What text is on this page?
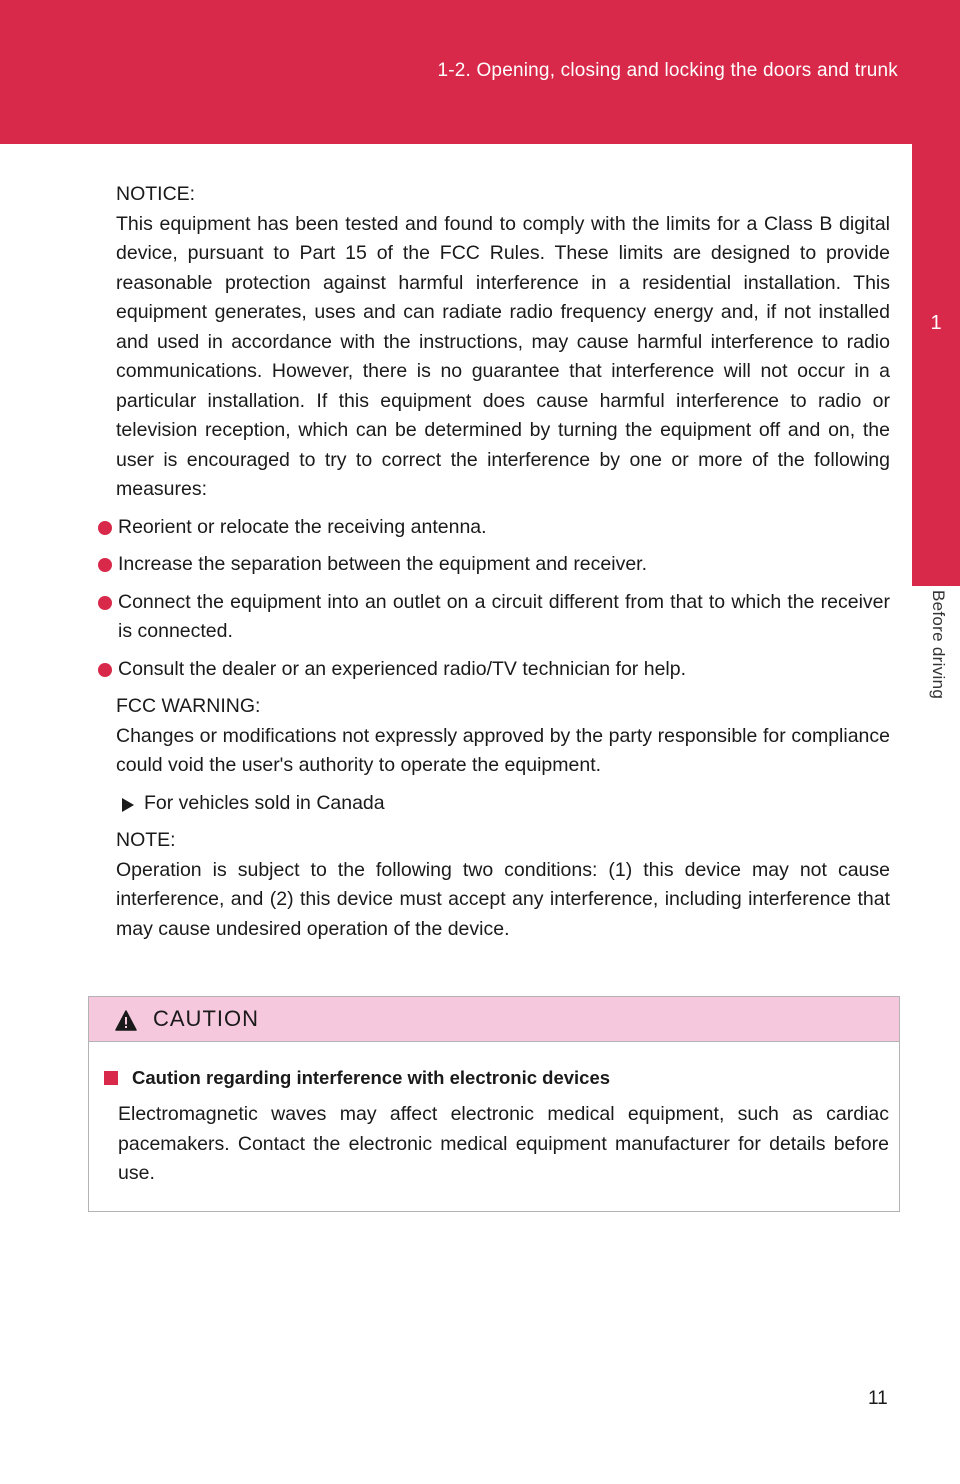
1-2. Opening, closing and locking the doors and trunk
1
Before driving
NOTICE:
This equipment has been tested and found to comply with the limits for a Class B digital device, pursuant to Part 15 of the FCC Rules. These limits are designed to provide reasonable protection against harmful interference in a residential installation. This equipment generates, uses and can radiate radio frequency energy and, if not installed and used in accordance with the instructions, may cause harmful interference to radio communications. However, there is no guarantee that interference will not occur in a particular installation. If this equipment does cause harmful interference to radio or television reception, which can be determined by turning the equipment off and on, the user is encouraged to try to correct the interference by one or more of the following measures:
Reorient or relocate the receiving antenna.
Increase the separation between the equipment and receiver.
Connect the equipment into an outlet on a circuit different from that to which the receiver is connected.
Consult the dealer or an experienced radio/TV technician for help.
FCC WARNING:
Changes or modifications not expressly approved by the party responsible for compliance could void the user's authority to operate the equipment.
For vehicles sold in Canada
NOTE:
Operation is subject to the following two conditions: (1) this device may not cause interference, and (2) this device must accept any interference, including interference that may cause undesired operation of the device.
CAUTION
Caution regarding interference with electronic devices
Electromagnetic waves may affect electronic medical equipment, such as cardiac pacemakers. Contact the electronic medical equipment manufacturer for details before use.
11
